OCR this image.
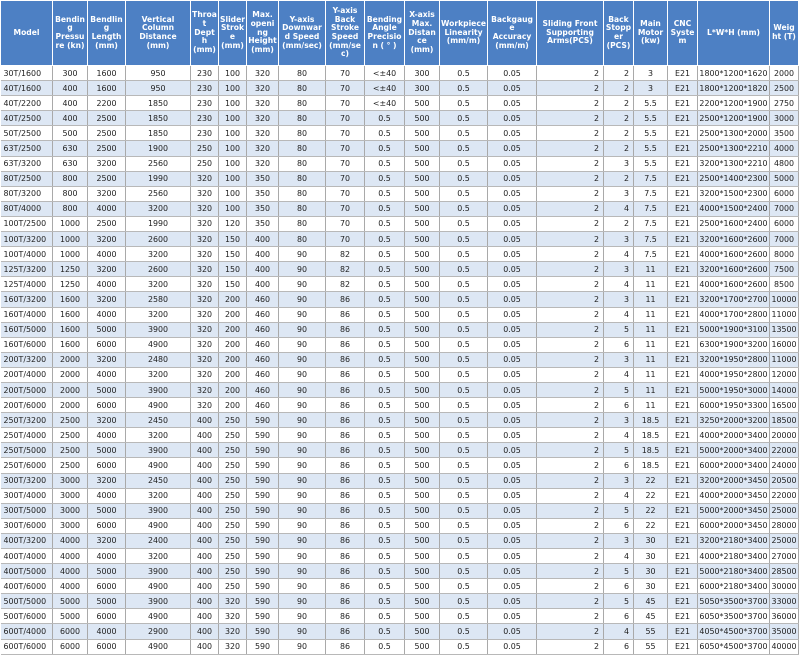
Model	Bending Pressure (kn)	Bendling Length (mm)	Vertical Column Distance (mm)	Throat Depth (mm)	Slider Stroke (mm)	Max. opening Height (mm)	Y-axis Downward Speed (mm/sec)	Y-axis Back Stroke Speed (mm/sec)	Bending Angle Precision ( ° )	X-axis Max. Distance (mm)	Workpiece Linearity (mm/m)	Backgauge Accuracy (mm/m)	Sliding Front Supporting Arms(PCS)	Back Stopper (PCS)	Main Motor (kw)	CNC System	L*W*H (mm)	Weight (T)
30T/1600	300	1600	950	230	100	320	80	70	<±40	300	0.5	0.05	2	2	3	E21	1800*1200*1620	2000
40T/1600	400	1600	950	230	100	320	80	70	<±40	300	0.5	0.05	2	2	3	E21	1800*1200*1820	2500
40T/2200	400	2200	1850	230	100	320	80	70	<±40	500	0.5	0.05	2	2	5.5	E21	2200*1200*1900	2750
40T/2500	400	2500	1850	230	100	320	80	70	0.5	500	0.5	0.05	2	2	5.5	E21	2500*1200*1900	3000
50T/2500	500	2500	1850	230	100	320	80	70	0.5	500	0.5	0.05	2	2	5.5	E21	2500*1300*2000	3500
63T/2500	630	2500	1900	250	100	320	80	70	0.5	500	0.5	0.05	2	2	5.5	E21	2500*1300*2210	4000
63T/3200	630	3200	2560	250	100	320	80	70	0.5	500	0.5	0.05	2	3	5.5	E21	3200*1300*2210	4800
80T/2500	800	2500	1990	320	100	350	80	70	0.5	500	0.5	0.05	2	2	7.5	E21	2500*1400*2300	5000
80T/3200	800	3200	2560	320	100	350	80	70	0.5	500	0.5	0.05	2	3	7.5	E21	3200*1500*2300	6000
80T/4000	800	4000	3200	320	100	350	80	70	0.5	500	0.5	0.05	2	4	7.5	E21	4000*1500*2400	7000
100T/2500	1000	2500	1990	320	120	350	80	70	0.5	500	0.5	0.05	2	2	7.5	E21	2500*1600*2400	6000
100T/3200	1000	3200	2600	320	150	400	80	70	0.5	500	0.5	0.05	2	3	7.5	E21	3200*1600*2600	7000
100T/4000	1000	4000	3200	320	150	400	90	82	0.5	500	0.5	0.05	2	4	7.5	E21	4000*1600*2600	8000
125T/3200	1250	3200	2600	320	150	400	90	82	0.5	500	0.5	0.05	2	3	11	E21	3200*1600*2600	7500
125T/4000	1250	4000	3200	320	150	400	90	82	0.5	500	0.5	0.05	2	4	11	E21	4000*1600*2600	8500
160T/3200	1600	3200	2580	320	200	460	90	86	0.5	500	0.5	0.05	2	3	11	E21	3200*1700*2700	10000
160T/4000	1600	4000	3200	320	200	460	90	86	0.5	500	0.5	0.05	2	4	11	E21	4000*1700*2800	11000
160T/5000	1600	5000	3900	320	200	460	90	86	0.5	500	0.5	0.05	2	5	11	E21	5000*1900*3100	13500
160T/6000	1600	6000	4900	320	200	460	90	86	0.5	500	0.5	0.05	2	6	11	E21	6300*1900*3200	16000
200T/3200	2000	3200	2480	320	200	460	90	86	0.5	500	0.5	0.05	2	3	11	E21	3200*1950*2800	11000
200T/4000	2000	4000	3200	320	200	460	90	86	0.5	500	0.5	0.05	2	4	11	E21	4000*1950*2800	12000
200T/5000	2000	5000	3900	320	200	460	90	86	0.5	500	0.5	0.05	2	5	11	E21	5000*1950*3000	14000
200T/6000	2000	6000	4900	320	200	460	90	86	0.5	500	0.5	0.05	2	6	11	E21	6000*1950*3300	16500
250T/3200	2500	3200	2450	400	250	590	90	86	0.5	500	0.5	0.05	2	3	18.5	E21	3250*2000*3200	18500
250T/4000	2500	4000	3200	400	250	590	90	86	0.5	500	0.5	0.05	2	4	18.5	E21	4000*2000*3400	20000
250T/5000	2500	5000	3900	400	250	590	90	86	0.5	500	0.5	0.05	2	5	18.5	E21	5000*2000*3400	22000
250T/6000	2500	6000	4900	400	250	590	90	86	0.5	500	0.5	0.05	2	6	18.5	E21	6000*2000*3400	24000
300T/3200	3000	3200	2450	400	250	590	90	86	0.5	500	0.5	0.05	2	3	22	E21	3200*2000*3450	20500
300T/4000	3000	4000	3200	400	250	590	90	86	0.5	500	0.5	0.05	2	4	22	E21	4000*2000*3450	22000
300T/5000	3000	5000	3900	400	250	590	90	86	0.5	500	0.5	0.05	2	5	22	E21	5000*2000*3450	25000
300T/6000	3000	6000	4900	400	250	590	90	86	0.5	500	0.5	0.05	2	6	22	E21	6000*2000*3450	28000
400T/3200	4000	3200	2400	400	250	590	90	86	0.5	500	0.5	0.05	2	3	30	E21	3200*2180*3400	25000
400T/4000	4000	4000	3200	400	250	590	90	86	0.5	500	0.5	0.05	2	4	30	E21	4000*2180*3400	27000
400T/5000	4000	5000	3900	400	250	590	90	86	0.5	500	0.5	0.05	2	5	30	E21	5000*2180*3400	28500
400T/6000	4000	6000	4900	400	250	590	90	86	0.5	500	0.5	0.05	2	6	30	E21	6000*2180*3400	30000
500T/5000	5000	5000	3900	400	320	590	90	86	0.5	500	0.5	0.05	2	5	45	E21	5050*3500*3700	33000
500T/6000	5000	6000	4900	400	320	590	90	86	0.5	500	0.5	0.05	2	6	45	E21	6050*3500*3700	36000
600T/4000	6000	4000	2900	400	320	590	90	86	0.5	500	0.5	0.05	2	4	55	E21	4050*4500*3700	35000
600T/6000	6000	6000	4900	400	320	590	90	86	0.5	500	0.5	0.05	2	6	55	E21	6050*4500*3700	40000
